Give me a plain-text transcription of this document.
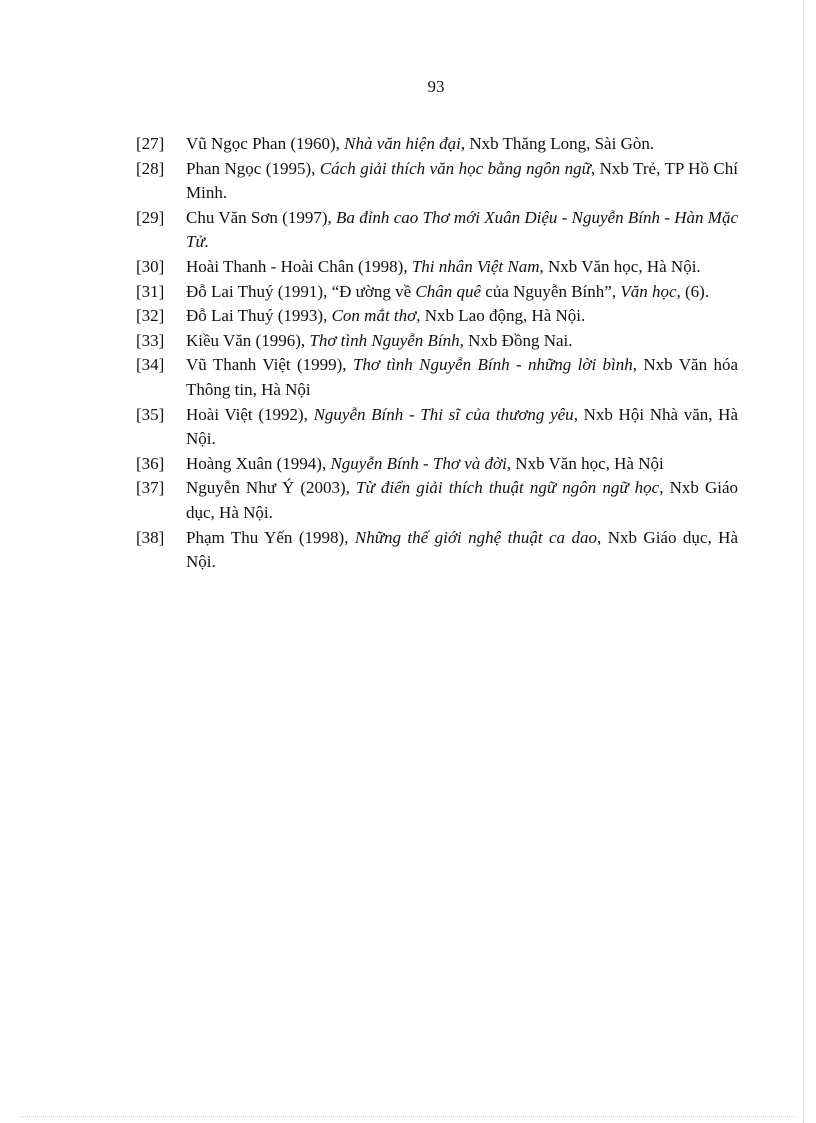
93
[27]	Vũ Ngọc Phan (1960), Nhà văn hiện đại, Nxb Thăng Long, Sài Gòn.
[28]	Phan Ngọc (1995), Cách giải thích văn học bằng ngôn ngữ, Nxb Trẻ, TP Hồ Chí Minh.
[29]	Chu Văn Sơn (1997), Ba đỉnh cao Thơ mới Xuân Diệu - Nguyễn Bính - Hàn Mặc Tử.
[30]	Hoài Thanh - Hoài Chân (1998), Thi nhân Việt Nam, Nxb Văn học, Hà Nội.
[31]	Đỗ Lai Thuý (1991), “Đ ường về Chân quê của Nguyễn Bính”, Văn học, (6).
[32]	Đỗ Lai Thuý (1993), Con mắt thơ, Nxb Lao động, Hà Nội.
[33]	Kiều Văn (1996), Thơ tình Nguyễn Bính, Nxb Đồng Nai.
[34]	Vũ Thanh Việt (1999), Thơ tình Nguyễn Bính - những lời bình, Nxb Văn hóa Thông tin, Hà Nội
[35]	Hoài Việt (1992), Nguyễn Bính - Thi sĩ của thương yêu, Nxb Hội Nhà văn, Hà Nội.
[36]	Hoàng Xuân (1994), Nguyễn Bính - Thơ và đời, Nxb Văn học, Hà Nội
[37]	Nguyễn Như Ý (2003), Từ điển giải thích thuật ngữ ngôn ngữ học, Nxb Giáo dục, Hà Nội.
[38]	Phạm Thu Yến (1998), Những thế giới nghệ thuật ca dao, Nxb Giáo dục, Hà Nội.
